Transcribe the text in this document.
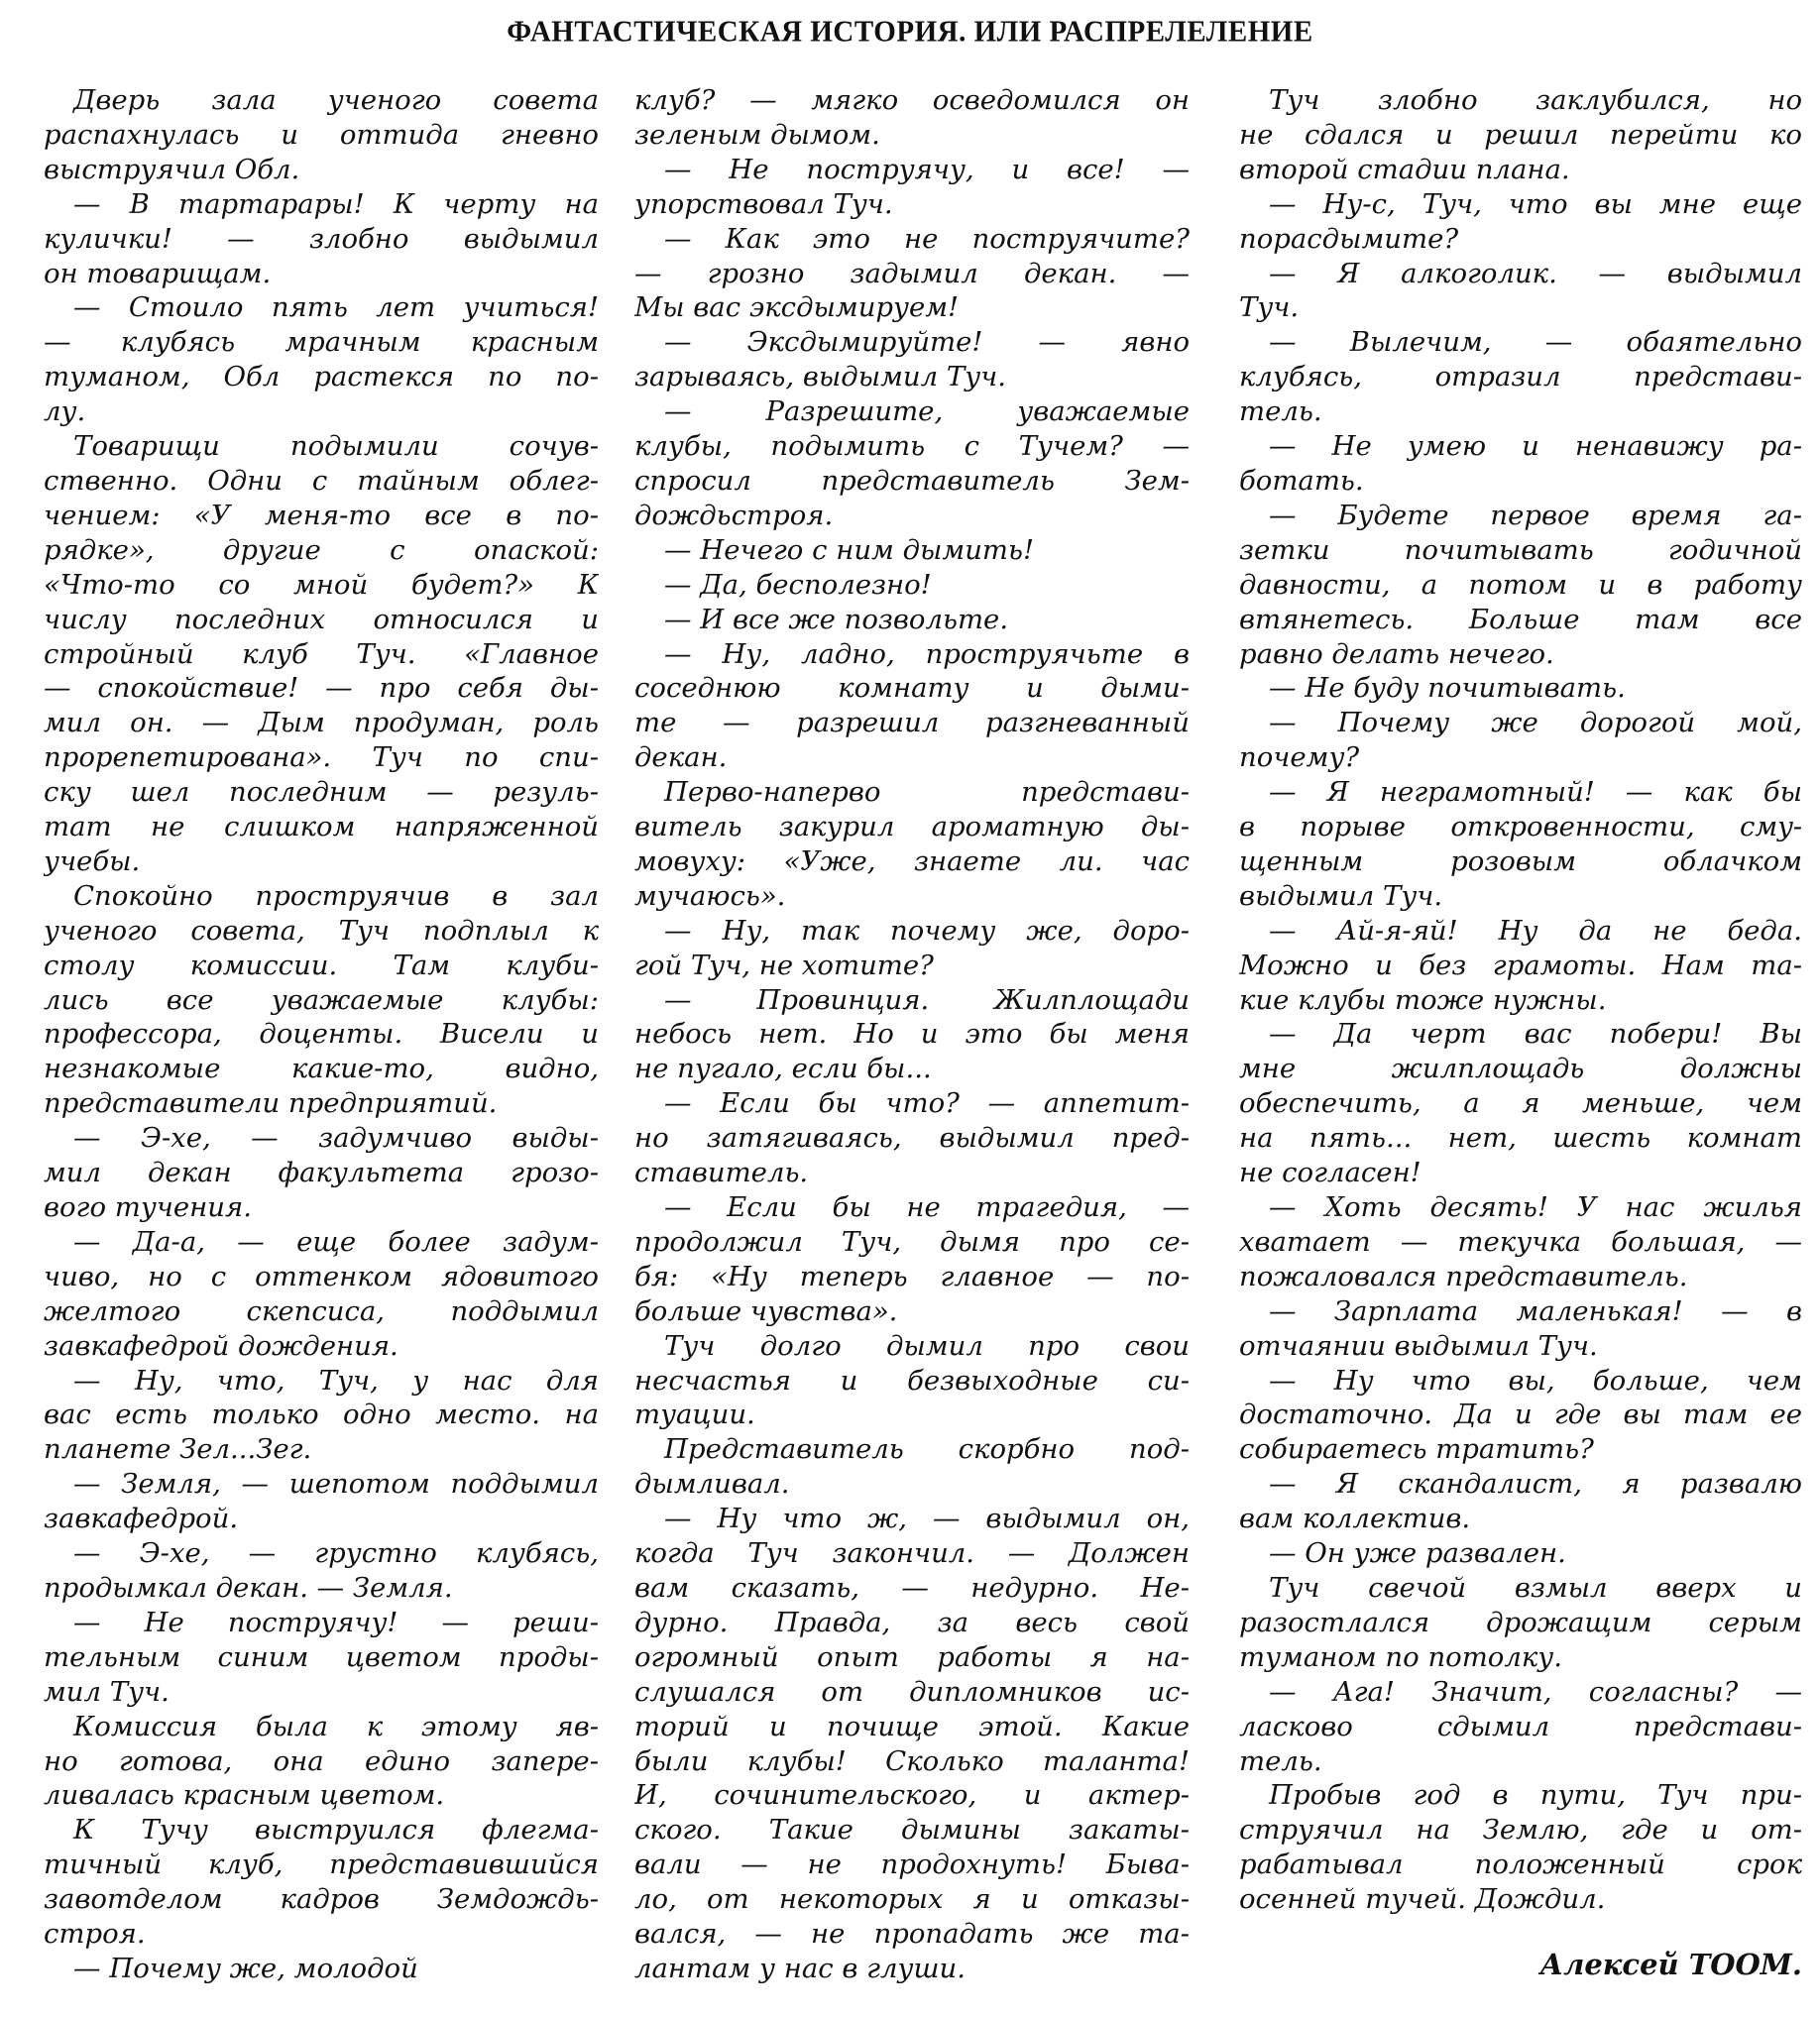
ФАНТАСТИЧЕСКАЯ ИСТОРИЯ. ИЛИ РАСПРЕЛЕЛЕНИЕ
Дверь зала ученого совета
распахнулась и оттида гневно
выструячил Обл.
— В тартарары! К черту на
кулички! — злобно выдымил
он товарищам.
— Стоило пять лет учиться!
— клубясь мрачным красным
туманом, Обл растекся по по-
лу.
Товарищи подымили сочув-
ственно. Одни с тайным облег-
чением: «У меня-то все в по-
рядке», другие с опаской:
«Что-то со мной будет?» К
числу последних относился и
стройный клуб Туч. «Главное
— спокойствие! — про себя ды-
мил он. — Дым продуман, роль
прорепетирована». Туч по спи-
ску шел последним — резуль-
тат не слишком напряженной
учебы.
Спокойно проструячив в зал
ученого совета, Туч подплыл к
столу комиссии. Там клуби-
лись все уважаемые клубы:
профессора, доценты. Висели и
незнакомые какие-то, видно,
представители предприятий.
— Э-хе, — задумчиво выды-
мил декан факультета грозо-
вого тучения.
— Да-а, — еще более задум-
чиво, но с оттенком ядовитого
желтого скепсиса, поддымил
завкафедрой дождения.
— Ну, что, Туч, у нас для
вас есть только одно место. на
планете Зел...Зег.
— Земля, — шепотом поддымил завкафедрой.
— Э-хе, — грустно клубясь,
продымкал декан. — Земля.
— Не поструячу! — реши-
тельным синим цветом проды-
мил Туч.
Комиссия была к этому яв-
но готова, она едино запере-
ливалась красным цветом.
К Тучу выструился флегма-
тичный клуб, представившийся
завотделом кадров Земдождь-
строя.
— Почему же, молодой
клуб? — мягко осведомился он
зеленым дымом.
— Не поструячу, и все! —
упорствовал Туч.
— Как это не поструячите?
— грозно задымил декан. —
Мы вас эксдымируем!
— Эксдымируйте! — явно
зарываясь, выдымил Туч.
— Разрешите, уважаемые
клубы, подымить с Тучем? —
спросил представитель Зем-
дождьстроя.
— Нечего с ним дымить!
— Да, бесполезно!
— И все же позвольте.
— Ну, ладно, проструячьте в
соседнюю комнату и дыми-
те — разрешил разгневанный
декан.
Перво-наперво представи-
витель закурил ароматную ды-
мовуху: «Уже, знаете ли. час
мучаюсь».
— Ну, так почему же, доро-
гой Туч, не хотите?
— Провинция. Жилплощади
небось нет. Но и это бы меня
не пугало, если бы...
— Если бы что? — аппетит-
но затягиваясь, выдымил пред-
ставитель.
— Если бы не трагедия, —
продолжил Туч, дымя про се-
бя: «Ну теперь главное — по-
больше чувства».
Туч долго дымил про свои
несчастья и безвыходные си-
туации.
Представитель скорбно под-
дымливал.
— Ну что ж, — выдымил он,
когда Туч закончил. — Должен
вам сказать, — недурно. Не-
дурно. Правда, за весь свой
огромный опыт работы я на-
слушался от дипломников ис-
торий и почище этой. Какие
были клубы! Сколько таланта!
И, сочинительского, и актер-
ского. Такие дымины закаты-
вали — не продохнуть! Быва-
ло, от некоторых я и отказы-
вался, — не пропадать же та-
лантам у нас в глуши.
Туч злобно заклубился, но
не сдался и решил перейти ко
второй стадии плана.
— Ну-с, Туч, что вы мне еще
порасдымите?
— Я алкоголик. — выдымил
Туч.
— Вылечим, — обаятельно
клубясь, отразил представи-
тель.
— Не умею и ненавижу ра-
ботать.
— Будете первое время га-
зетки почитывать годичной
давности, а потом и в работу
втянетесь. Больше там все
равно делать нечего.
— Не буду почитывать.
— Почему же дорогой мой,
почему?
— Я неграмотный! — как бы
в порыве откровенности, смy-
щенным розовым облачком
выдымил Туч.
— Ай-я-яй! Ну да не беда.
Можно и без грамоты. Нам та-
кие клубы тоже нужны.
— Да черт вас побери! Вы
мне жилплощадь должны
обеспечить, а я меньше, чем
на пять... нет, шесть комнат
не согласен!
— Хоть десять! У нас жилья
хватает — текучка большая, —
пожаловался представитель.
— Зарплата маленькая! — в
отчаянии выдымил Туч.
— Ну что вы, больше, чем
достаточно. Да и где вы там ее
собираетесь тратить?
— Я скандалист, я развалю
вам коллектив.
— Он уже развален.
Туч свечой взмыл вверх и
разостлался дрожащим серым
туманом по потолку.
— Ага! Значит, согласны? —
ласково сдымил представи-
тель.
Пробыв год в пути, Туч при-
струячил на Землю, где и от-
рабатывал положенный срок
осенней тучей. Дождил.
Алексей ТООМ.
